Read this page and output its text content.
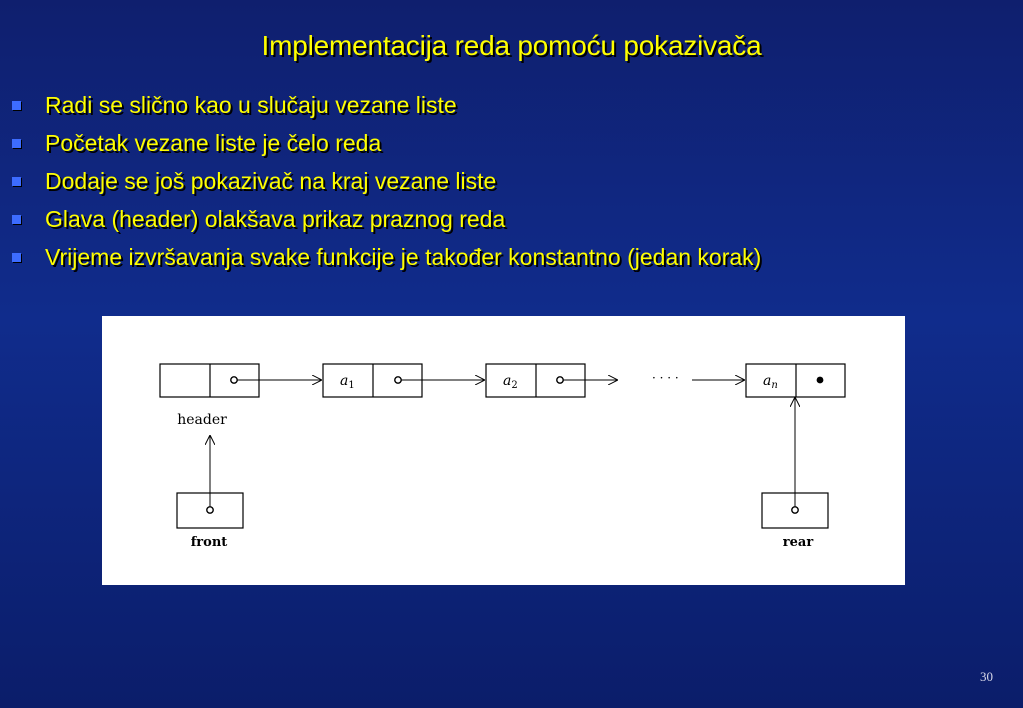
Implementacija reda pomoću pokazivača
Radi se slično kao u slučaju vezane liste
Početak vezane liste je čelo reda
Dodaje se još pokazivač na kraj vezane liste
Glava (header) olakšava prikaz praznog reda
Vrijeme izvršavanja svake funkcije je također konstantno (jedan korak)
header
$a_1$	$a_2$
· · · ·	$a_n$
front	rear
30
